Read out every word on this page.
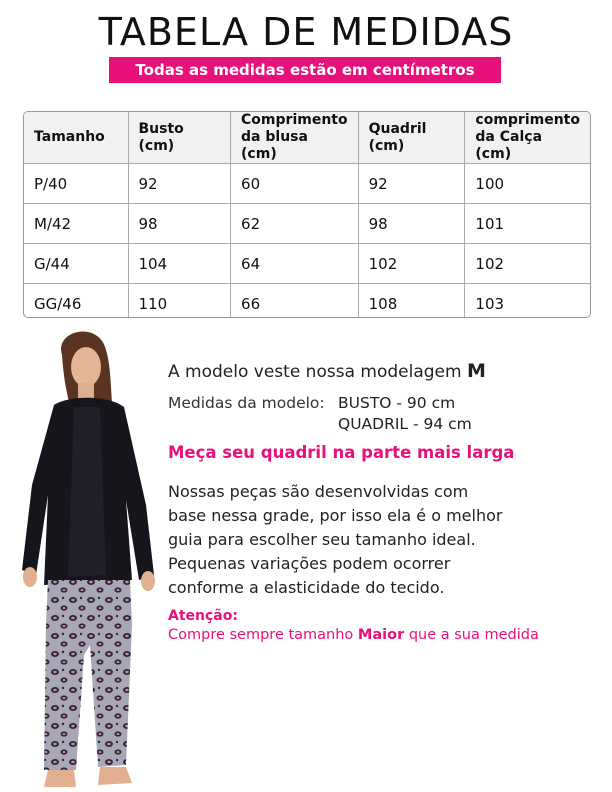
TABELA DE MEDIDAS
Todas as medidas estão em centímetros
Tamanho	Busto (cm)	Comprimento da blusa (cm)	Quadril (cm)	comprimento da Calça (cm)
P/40	92	60	92	100
M/42	98	62	98	101
G/44	104	64	102	102
GG/46	110	66	108	103
A modelo veste nossa modelagem M
Medidas da modelo: BUSTO - 90 cm
QUADRIL - 94 cm
Meça seu quadril na parte mais larga
Nossas peças são desenvolvidas com
base nessa grade, por isso ela é o melhor
guia para escolher seu tamanho ideal.
Pequenas variações podem ocorrer
conforme a elasticidade do tecido.
Atenção:
Compre sempre tamanho Maior que a sua medida
